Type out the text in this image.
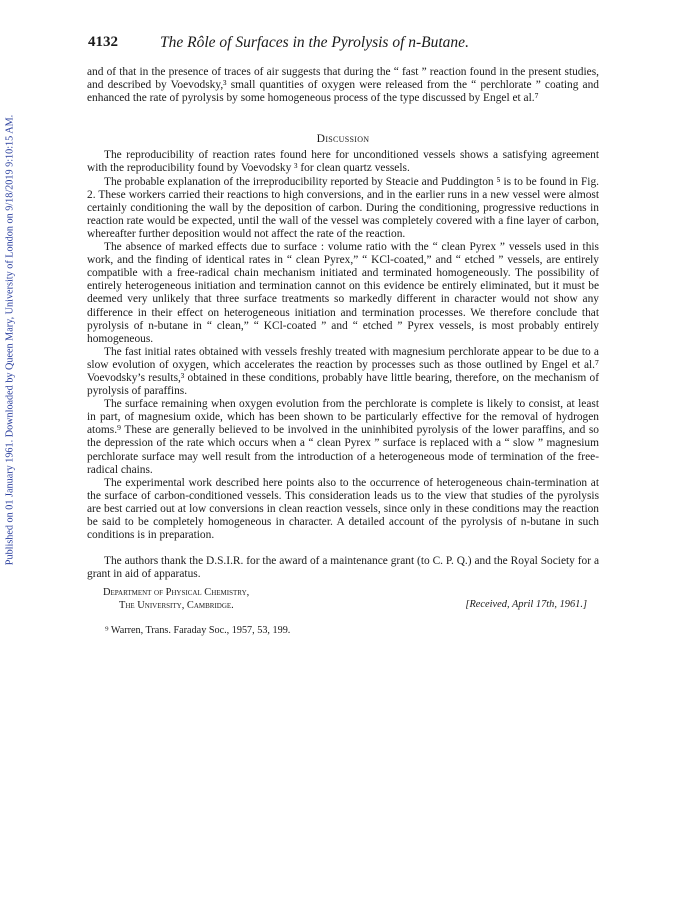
Published on 01 January 1961. Downloaded by Queen Mary, University of London on 9/18/2019 9:10:15 AM.
4132	The Rôle of Surfaces in the Pyrolysis of n-Butane.

and of that in the presence of traces of air suggests that during the “ fast ” reaction found in the present studies, and described by Voevodsky,³ small quantities of oxygen were released from the “ perchlorate ” coating and enhanced the rate of pyrolysis by some homogeneous process of the type discussed by Engel et al.⁷

Discussion

The reproducibility of reaction rates found here for unconditioned vessels shows a satisfying agreement with the reproducibility found by Voevodsky ³ for clean quartz vessels.

The probable explanation of the irreproducibility reported by Steacie and Puddington ⁵ is to be found in Fig. 2. These workers carried their reactions to high conversions, and in the earlier runs in a new vessel were almost certainly conditioning the wall by the deposition of carbon. During the conditioning, progressive reductions in reaction rate would be expected, until the wall of the vessel was completely covered with a fine layer of carbon, whereafter further deposition would not affect the rate of the reaction.

The absence of marked effects due to surface : volume ratio with the “ clean Pyrex ” vessels used in this work, and the finding of identical rates in “ clean Pyrex,” “ KCl-coated,” and “ etched ” vessels, are entirely compatible with a free-radical chain mechanism initiated and terminated homogeneously. The possibility of entirely heterogeneous initiation and termination cannot on this evidence be entirely eliminated, but it must be deemed very unlikely that three surface treatments so markedly different in character would not show any difference in their effect on heterogeneous initiation and termination processes. We therefore conclude that pyrolysis of n-butane in “ clean,” “ KCl-coated ” and “ etched ” Pyrex vessels, is most probably entirely homogeneous.

The fast initial rates obtained with vessels freshly treated with magnesium perchlorate appear to be due to a slow evolution of oxygen, which accelerates the reaction by processes such as those outlined by Engel et al.⁷ Voevodsky’s results,³ obtained in these conditions, probably have little bearing, therefore, on the mechanism of pyrolysis of paraffins.

The surface remaining when oxygen evolution from the perchlorate is complete is likely to consist, at least in part, of magnesium oxide, which has been shown to be particularly effective for the removal of hydrogen atoms.⁹ These are generally believed to be involved in the uninhibited pyrolysis of the lower paraffins, and so the depression of the rate which occurs when a “ clean Pyrex ” surface is replaced with a “ slow ” magnesium perchlorate surface may well result from the introduction of a heterogeneous mode of termination of the free-radical chains.

The experimental work described here points also to the occurrence of heterogeneous chain-termination at the surface of carbon-conditioned vessels. This consideration leads us to the view that studies of the pyrolysis are best carried out at low conversions in clean reaction vessels, since only in these conditions may the reaction be said to be completely homogeneous in character. A detailed account of the pyrolysis of n-butane in such conditions is in preparation.

The authors thank the D.S.I.R. for the award of a maintenance grant (to C. P. Q.) and the Royal Society for a grant in aid of apparatus.

Department of Physical Chemistry,
The University, Cambridge.	[Received, April 17th, 1961.]
⁹ Warren, Trans. Faraday Soc., 1957, 53, 199.
